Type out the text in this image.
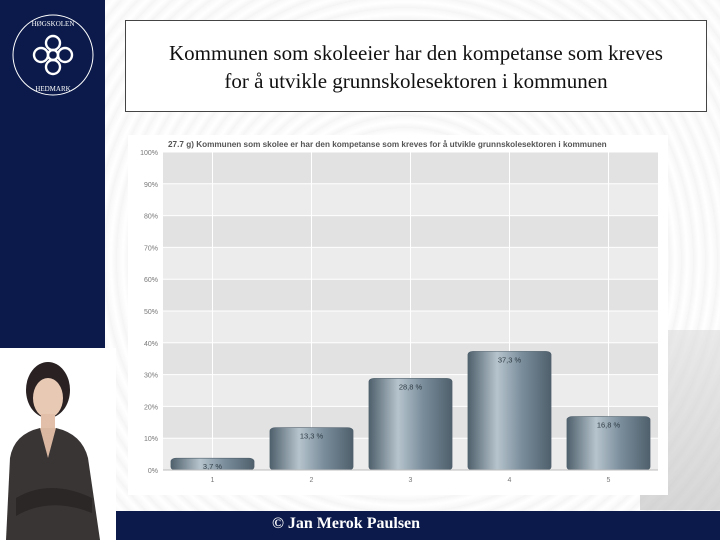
HØGSKOLEN
HEDMARK
Kommunen som skoleeier har den kompetanse som kreves
for å utvikle grunnskolesektoren i kommunen
27.7 g) Kommunen som skolee er har den kompetanse som kreves for å utvikle grunnskolesektoren i kommunen
0%
10%
20%
30%
40%
50%
60%
70%
80%
90%
100%
3,7 %
1
13,3 %
2
28,8 %
3
37,3 %
4
16,8 %
5
© Jan Merok Paulsen
